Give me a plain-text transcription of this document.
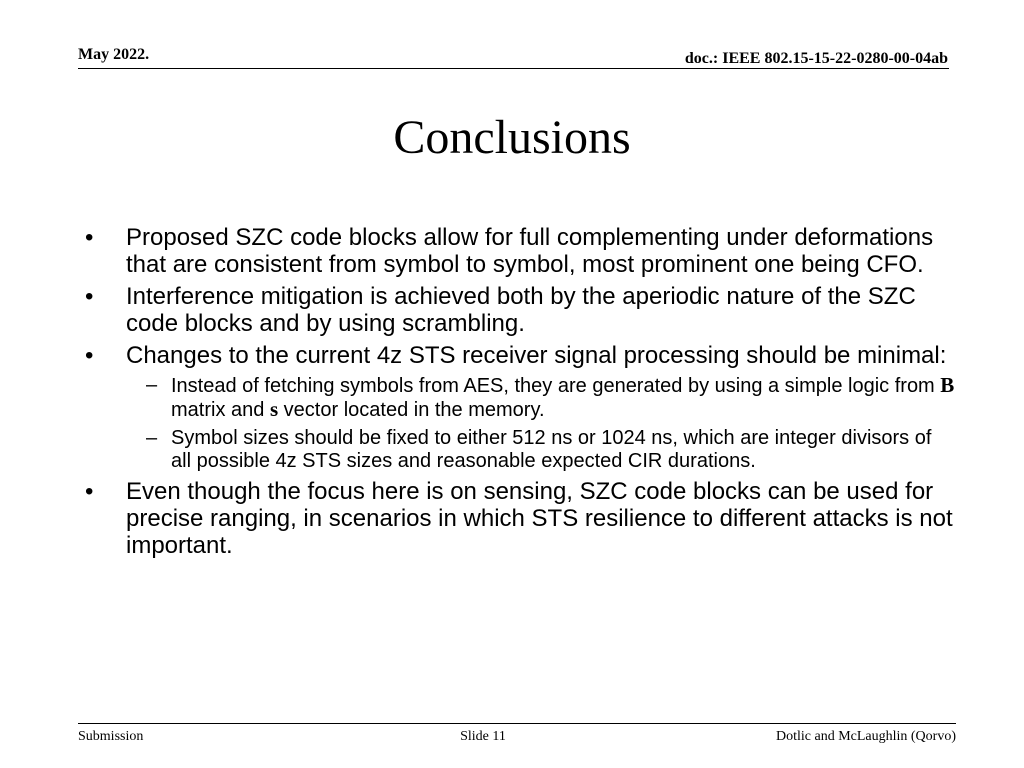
May 2022.	doc.: IEEE 802.15-15-22-0280-00-04ab
Conclusions
• Proposed SZC code blocks allow for full complementing under deformations that are consistent from symbol to symbol, most prominent one being CFO.
• Interference mitigation is achieved both by the aperiodic nature of the SZC code blocks and by using scrambling.
• Changes to the current 4z STS receiver signal processing should be minimal:
– Instead of fetching symbols from AES, they are generated by using a simple logic from B matrix and s vector located in the memory.
– Symbol sizes should be fixed to either 512 ns or 1024 ns, which are integer divisors of all possible 4z STS sizes and reasonable expected CIR durations.
• Even though the focus here is on sensing, SZC code blocks can be used for precise ranging, in scenarios in which STS resilience to different attacks is not important.
Submission	Slide 11	Dotlic and McLaughlin (Qorvo)
